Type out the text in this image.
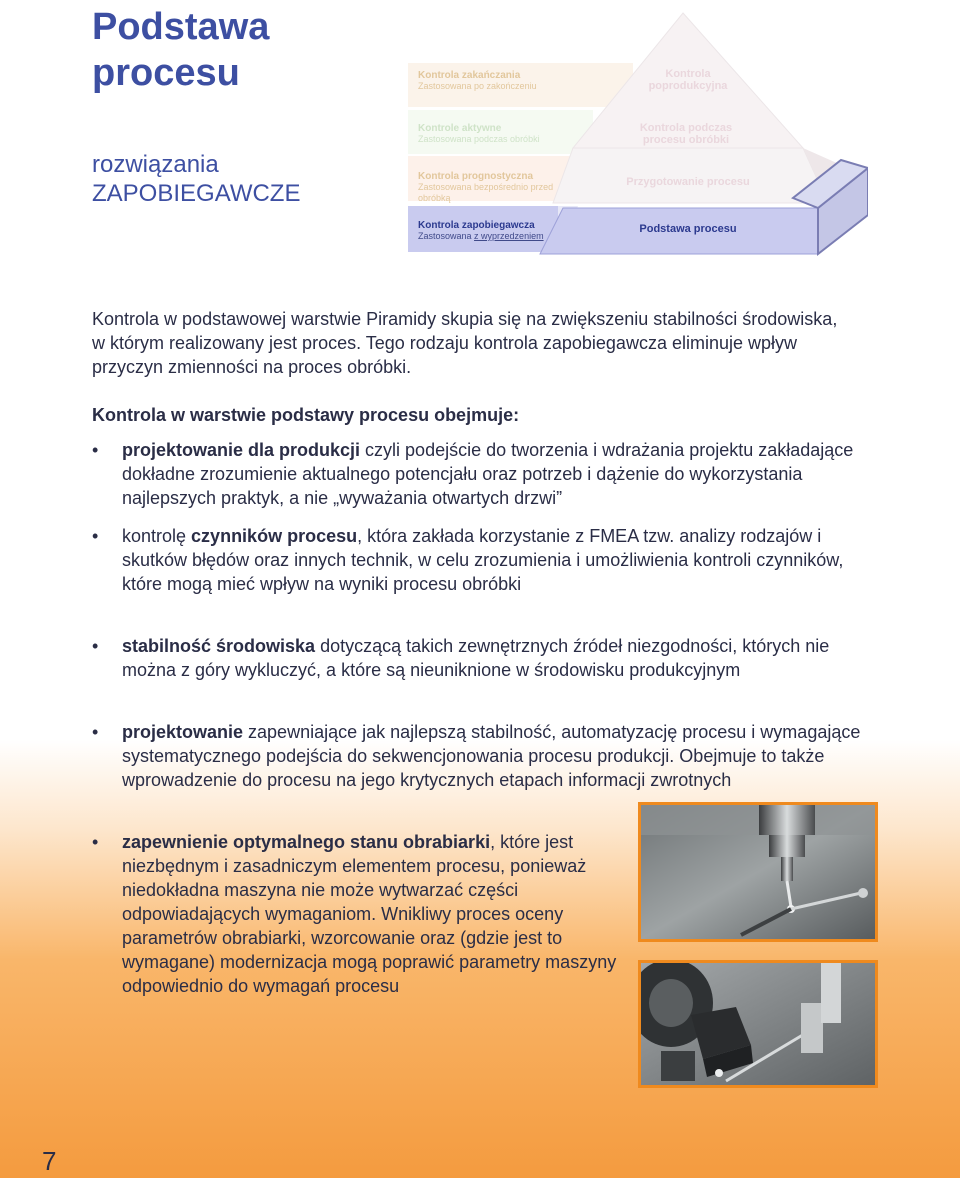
Podstawa
procesu
rozwiązania
ZAPOBIEGAWCZE
Kontrola zakańczania
Zastosowana po zakończeniu
Kontrole aktywne
Zastosowana podczas obróbki
Kontrola prognostyczna
Zastosowana bezpośrednio przed obróbką
Kontrola zapobiegawcza
Zastosowana z wyprzedzeniem
Kontrola poprodukcyjna
Kontrola podczas procesu obróbki
Przygotowanie procesu
Podstawa procesu

Kontrola w podstawowej warstwie Piramidy skupia się na zwiększeniu stabilności środowiska, w którym realizowany jest proces. Tego rodzaju kontrola zapobiegawcza eliminuje wpływ przyczyn zmienności na proces obróbki.

Kontrola w warstwie podstawy procesu obejmuje:
• projektowanie dla produkcji czyli podejście do tworzenia i wdrażania projektu zakładające dokładne zrozumienie aktualnego potencjału oraz potrzeb i dążenie do wykorzystania najlepszych praktyk, a nie „wyważania otwartych drzwi”

• kontrolę czynników procesu, która zakłada korzystanie z FMEA tzw. analizy rodzajów i skutków błędów oraz innych technik, w celu zrozumienia i umożliwienia kontroli czynników, które mogą mieć wpływ na wyniki procesu obróbki

• stabilność środowiska dotyczącą takich zewnętrznych źródeł niezgodności, których nie można z góry wykluczyć, a które są nieuniknione w środowisku produkcyjnym

• projektowanie zapewniające jak najlepszą stabilność, automatyzację procesu i wymagające systematycznego podejścia do sekwencjonowania procesu produkcji. Obejmuje to także wprowadzenie do procesu na jego krytycznych etapach informacji zwrotnych

• zapewnienie optymalnego stanu obrabiarki, które jest niezbędnym i zasadniczym elementem procesu, ponieważ niedokładna maszyna nie może wytwarzać części odpowiadających wymaganiom. Wnikliwy proces oceny parametrów obrabiarki, wzorcowanie oraz (gdzie jest to wymagane) modernizacja mogą poprawić parametry maszyny odpowiednio do wymagań procesu

7
